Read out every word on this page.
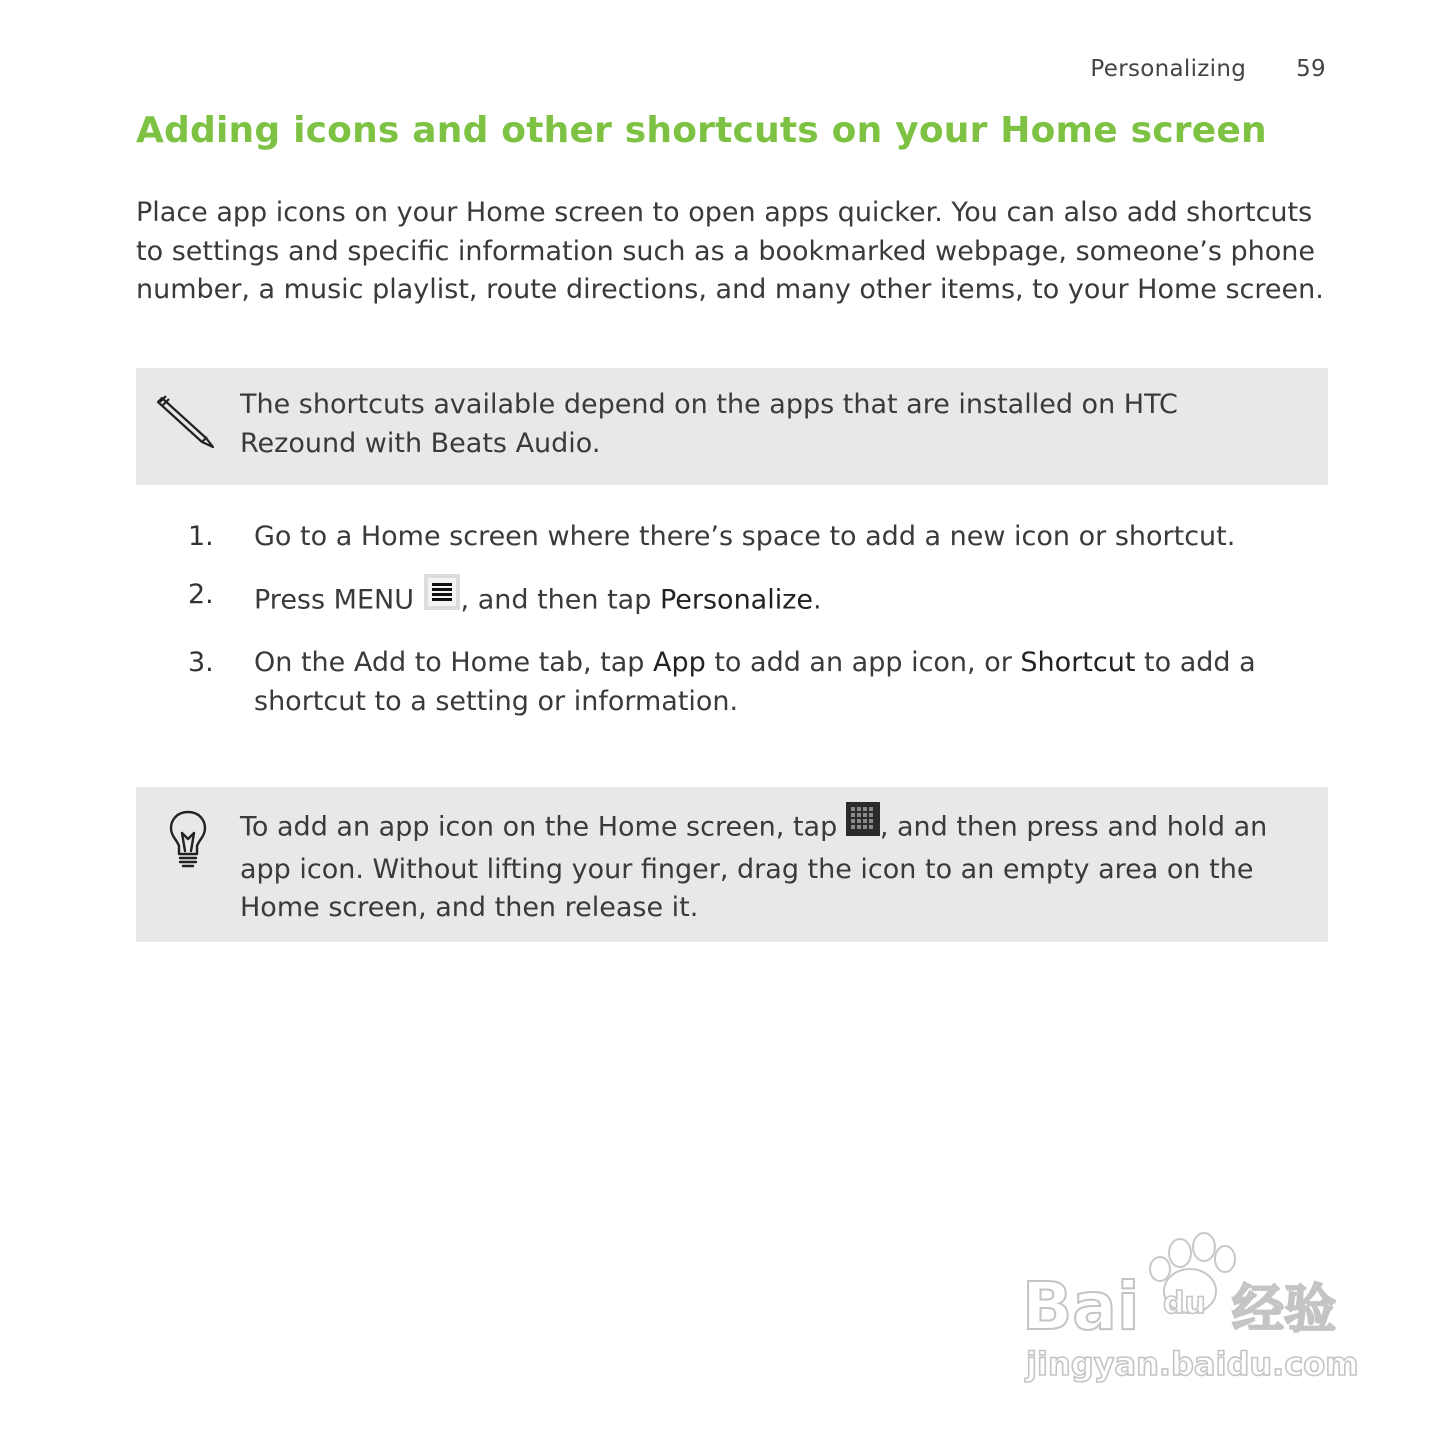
Personalizing 59
Adding icons and other shortcuts on your Home screen

Place app icons on your Home screen to open apps quicker. You can also add shortcuts to settings and specific information such as a bookmarked webpage, someone’s phone number, a music playlist, route directions, and many other items, to your Home screen.

The shortcuts available depend on the apps that are installed on HTC Rezound with Beats Audio.

1. Go to a Home screen where there’s space to add a new icon or shortcut.
2. Press MENU , and then tap Personalize.
3. On the Add to Home tab, tap App to add an app icon, or Shortcut to add a shortcut to a setting or information.

To add an app icon on the Home screen, tap , and then press and hold an app icon. Without lifting your finger, drag the icon to an empty area on the Home screen, and then release it.

Bai du 经验
jingyan.baidu.com
